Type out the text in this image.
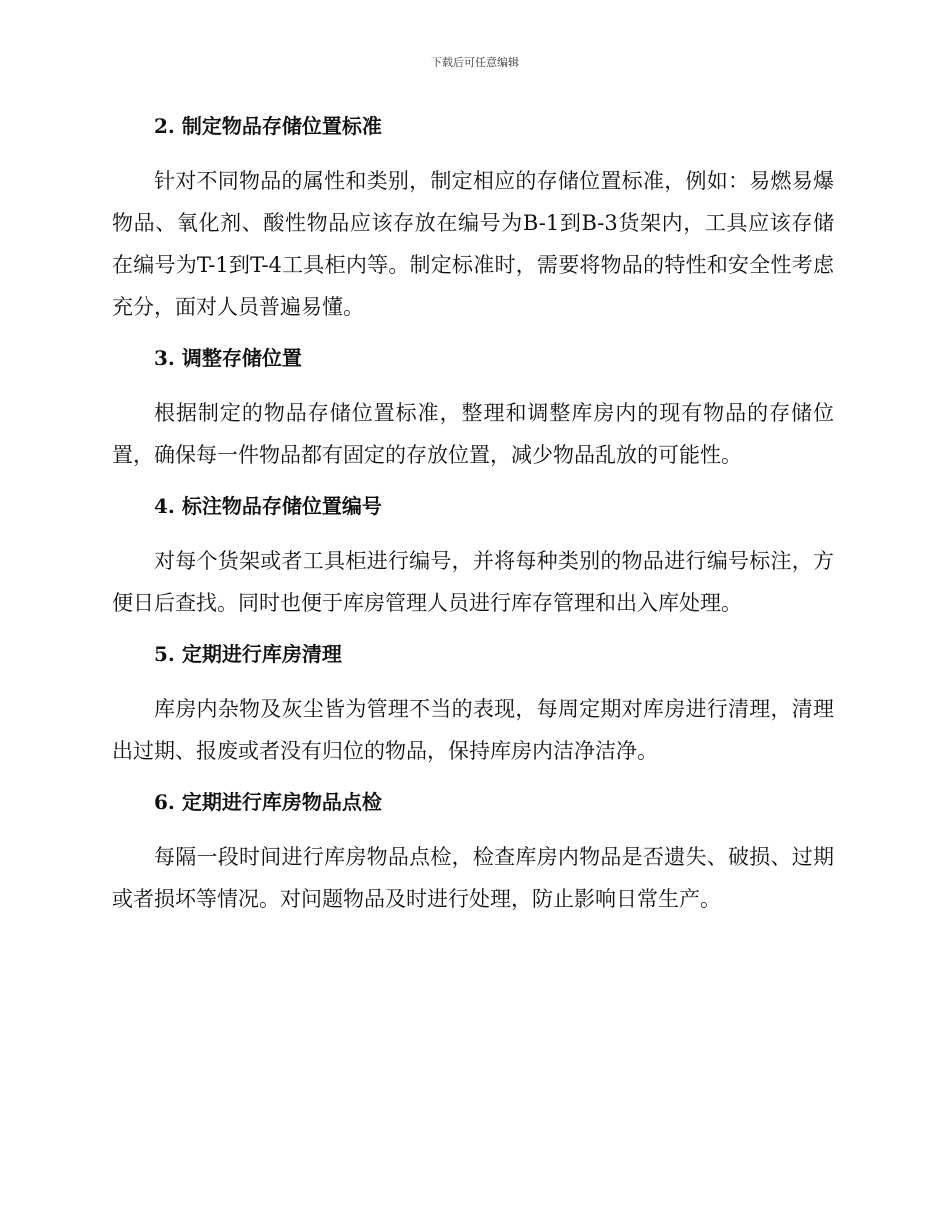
下载后可任意编辑
2. 制定物品存储位置标准

针对不同物品的属性和类别，制定相应的存储位置标准，例如：易燃易爆物品、氧化剂、酸性物品应该存放在编号为B-1到B-3货架内，工具应该存储在编号为T-1到T-4工具柜内等。制定标准时，需要将物品的特性和安全性考虑充分，面对人员普遍易懂。

3. 调整存储位置

根据制定的物品存储位置标准，整理和调整库房内的现有物品的存储位置，确保每一件物品都有固定的存放位置，减少物品乱放的可能性。

4. 标注物品存储位置编号

对每个货架或者工具柜进行编号，并将每种类别的物品进行编号标注，方便日后查找。同时也便于库房管理人员进行库存管理和出入库处理。

5. 定期进行库房清理

库房内杂物及灰尘皆为管理不当的表现，每周定期对库房进行清理，清理出过期、报废或者没有归位的物品，保持库房内洁净洁净。

6. 定期进行库房物品点检

每隔一段时间进行库房物品点检，检查库房内物品是否遗失、破损、过期或者损坏等情况。对问题物品及时进行处理，防止影响日常生产。
